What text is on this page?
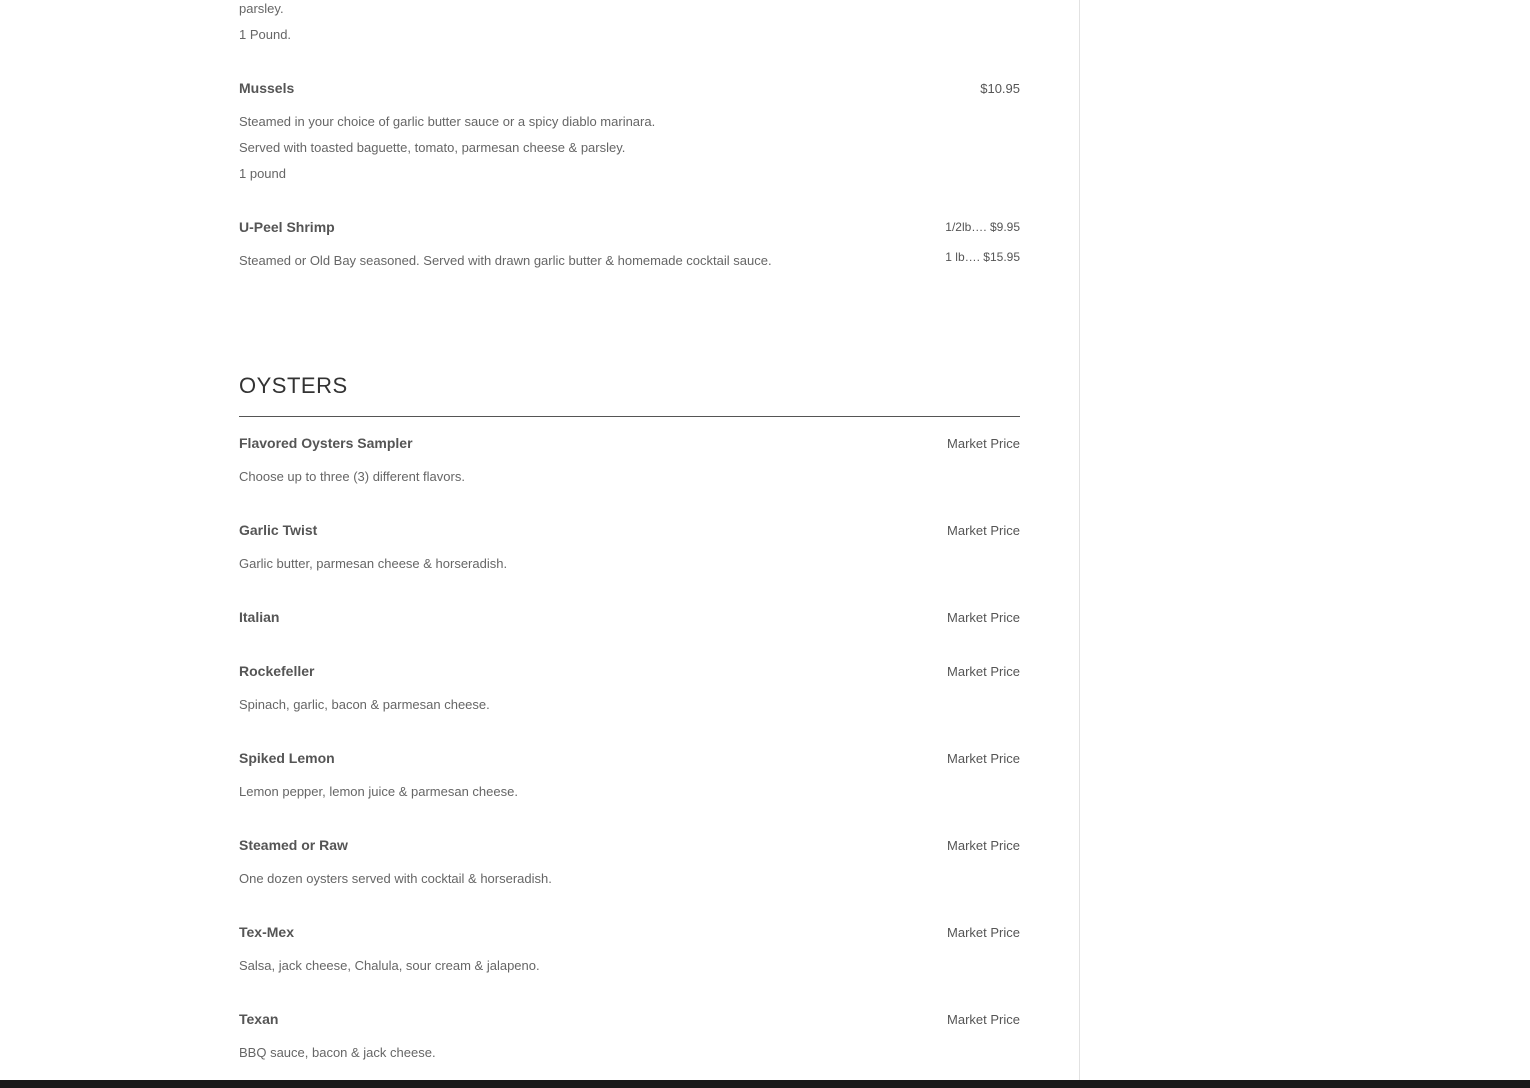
parsley.
1 Pound.
Mussels	$10.95
Steamed in your choice of garlic butter sauce or a spicy diablo marinara.
Served with toasted baguette, tomato, parmesan cheese & parsley.
1 pound
U-Peel Shrimp	1/2lb…. $9.95
1 lb…. $15.95
Steamed or Old Bay seasoned. Served with drawn garlic butter & homemade cocktail sauce.
OYSTERS
Flavored Oysters Sampler	Market Price
Choose up to three (3) different flavors.
Garlic Twist	Market Price
Garlic butter, parmesan cheese & horseradish.
Italian	Market Price
Rockefeller	Market Price
Spinach, garlic, bacon & parmesan cheese.
Spiked Lemon	Market Price
Lemon pepper, lemon juice & parmesan cheese.
Steamed or Raw	Market Price
One dozen oysters served with cocktail & horseradish.
Tex-Mex	Market Price
Salsa, jack cheese, Chalula, sour cream & jalapeno.
Texan	Market Price
BBQ sauce, bacon & jack cheese.
